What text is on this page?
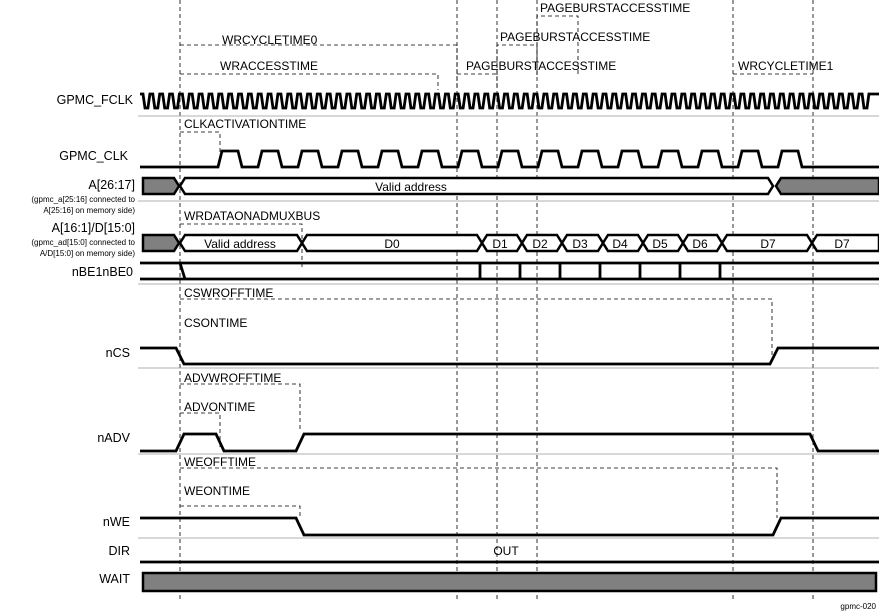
GPMC_FCLK
GPMC_CLK
A[26:17]
(gpmc_a[25:16] connected to
A[25:16] on memory side)
A[16:1]/D[15:0]
(gpmc_ad[15:0] connected to
A/D[15:0] on memory side)
nBE1nBE0
nCS
nADV
nWE
DIR
WAIT
PAGEBURSTACCESSTIME
PAGEBURSTACCESSTIME
WRCYCLETIME0
WRACCESSTIME	PAGEBURSTACCESSTIME	WRCYCLETIME1
CLKACTIVATIONTIME
WRDATAONADMUXBUS
CSWROFFTIME
CSONTIME
ADVWROFFTIME
ADVONTIME
WEOFFTIME
WEONTIME
Valid address
Valid address	D0	D1 D2 D3 D4 D5 D6	D7	D7
OUT
gpmc-020
